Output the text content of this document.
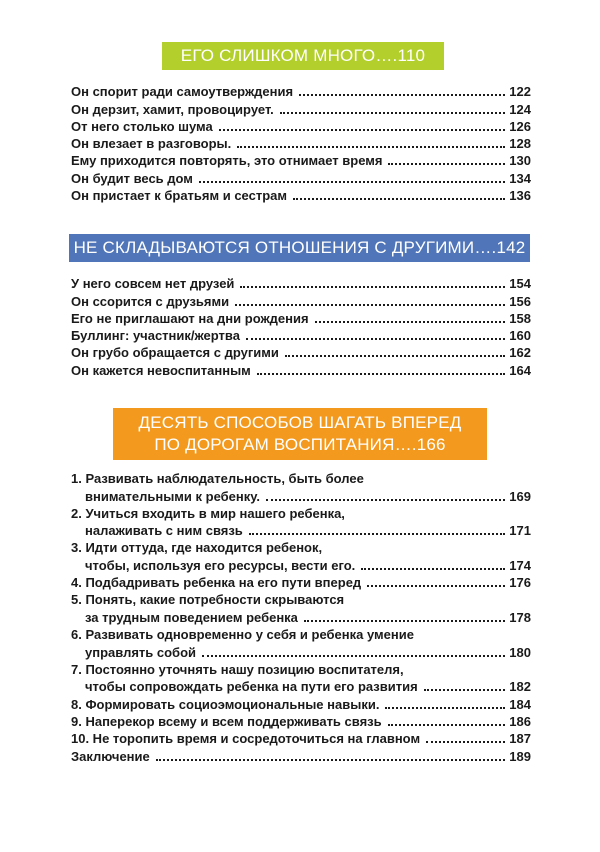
ЕГО СЛИШКОМ МНОГО….110
Он спорит ради самоутверждения	122
Он дерзит, хамит, провоцирует.	124
От него столько шума	126
Он влезает в разговоры.	128
Ему приходится повторять, это отнимает время	130
Он будит весь дом	134
Он пристает к братьям и сестрам	136
НЕ СКЛАДЫВАЮТСЯ ОТНОШЕНИЯ С ДРУГИМИ….142
У него совсем нет друзей	154
Он ссорится с друзьями	156
Его не приглашают на дни рождения	158
Буллинг: участник/жертва	160
Он грубо обращается с другими	162
Он кажется невоспитанным	164
ДЕСЯТЬ СПОСОБОВ ШАГАТЬ ВПЕРЕД
ПО ДОРОГАМ ВОСПИТАНИЯ….166
1. Развивать наблюдательность, быть более
внимательными к ребенку.	169
2. Учиться входить в мир нашего ребенка,
налаживать с ним связь	171
3. Идти оттуда, где находится ребенок,
чтобы, используя его ресурсы, вести его.	174
4. Подбадривать ребенка на его пути вперед	176
5. Понять, какие потребности скрываются
за трудным поведением ребенка	178
6. Развивать одновременно у себя и ребенка умение
управлять собой	180
7. Постоянно уточнять нашу позицию воспитателя,
чтобы сопровождать ребенка на пути его развития	182
8. Формировать социоэмоциональные навыки.	184
9. Наперекор всему и всем поддерживать связь	186
10. Не торопить время и сосредоточиться на главном	187
Заключение	189
